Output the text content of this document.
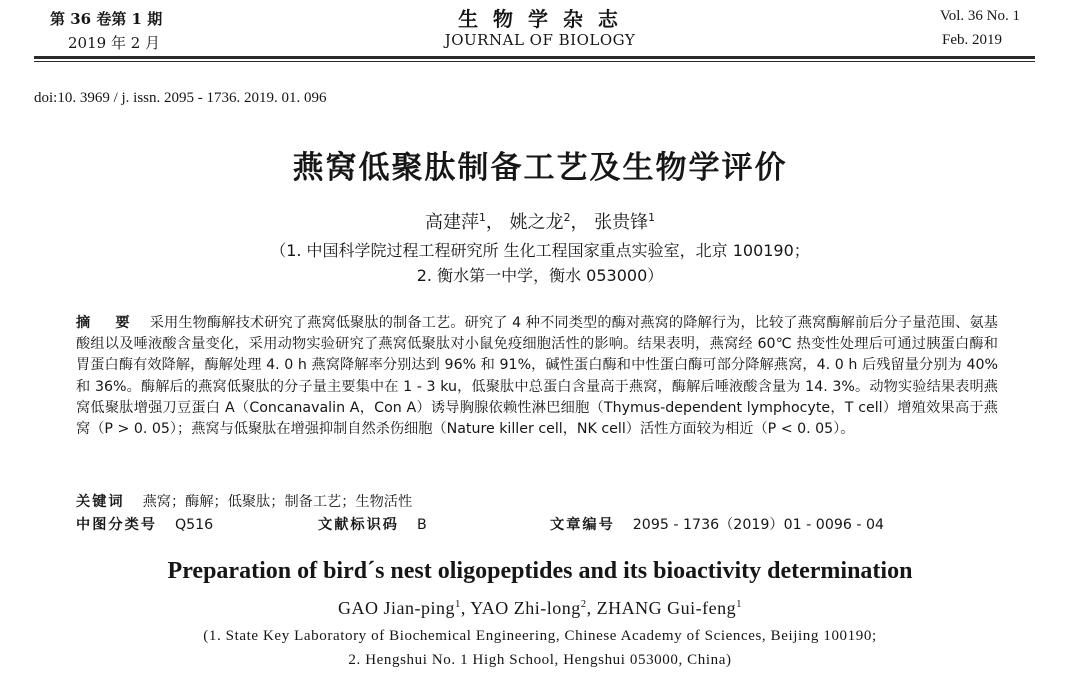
第 36 卷第 1 期
2019 年 2 月
生 物 学 杂 志
JOURNAL OF BIOLOGY
Vol. 36 No. 1
Feb. 2019
doi:10. 3969 / j. issn. 2095 - 1736. 2019. 01. 096
燕窝低聚肽制备工艺及生物学评价
高建萍$^1$， 姚之龙$^2$， 张贵锋$^1$
（1. 中国科学院过程工程研究所 生化工程国家重点实验室，北京 100190；
2. 衡水第一中学，衡水 053000）
摘 要 采用生物酶解技术研究了燕窝低聚肽的制备工艺。研究了 4 种不同类型的酶对燕窝的降解行为，比较了燕窝酶解前后分子量范围、氨基酸组以及唾液酸含量变化，采用动物实验研究了燕窝低聚肽对小鼠免疫细胞活性的影响。结果表明，燕窝经 60℃ 热变性处理后可通过胰蛋白酶和胃蛋白酶有效降解，酶解处理 4. 0 h 燕窝降解率分别达到 96% 和 91%，碱性蛋白酶和中性蛋白酶可部分降解燕窝，4. 0 h 后残留量分别为 40% 和 36%。酶解后的燕窝低聚肽的分子量主要集中在 1 - 3 ku，低聚肽中总蛋白含量高于燕窝，酶解后唾液酸含量为 14. 3%。动物实验结果表明燕窝低聚肽增强刀豆蛋白 A（Concanavalin A，Con A）诱导胸腺依赖性淋巴细胞（Thymus-dependent lymphocyte，T cell）增殖效果高于燕窝（P > 0. 05）；燕窝与低聚肽在增强抑制自然杀伤细胞（Nature killer cell，NK cell）活性方面较为相近（P < 0. 05）。
关键词 燕窝；酶解；低聚肽；制备工艺；生物活性
中图分类号 Q516	文献标识码 B	文章编号 2095 - 1736（2019）01 - 0096 - 04
Preparation of bird´s nest oligopeptides and its bioactivity determination
GAO Jian-ping$^1$, YAO Zhi-long$^2$, ZHANG Gui-feng$^1$
(1. State Key Laboratory of Biochemical Engineering, Chinese Academy of Sciences, Beijing 100190;
2. Hengshui No. 1 High School, Hengshui 053000, China)
